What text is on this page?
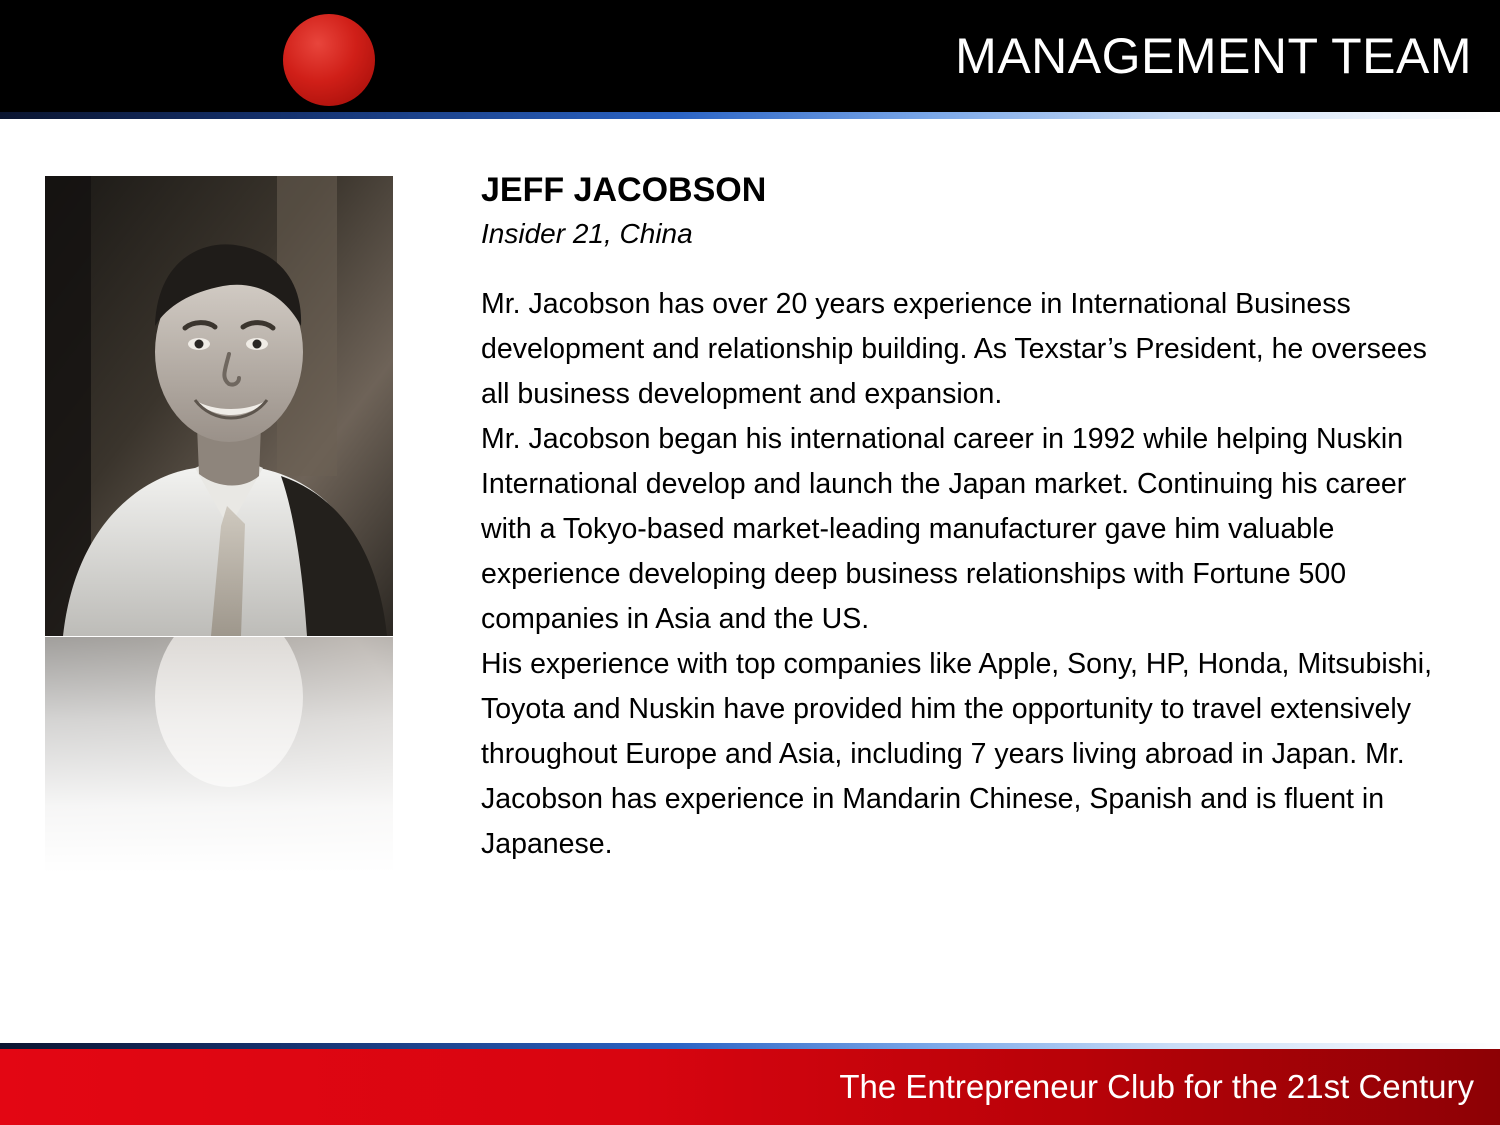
MANAGEMENT TEAM
JEFF JACOBSON
Insider 21, China

Mr. Jacobson has over 20 years experience in International Business development and relationship building. As Texstar’s President, he oversees all business development and expansion.

Mr. Jacobson began his international career in 1992 while helping Nuskin International develop and launch the Japan market. Continuing his career with a Tokyo-based market-leading manufacturer gave him valuable experience developing deep business relationships with Fortune 500 companies in Asia and the US.

His experience with top companies like Apple, Sony, HP, Honda, Mitsubishi, Toyota and Nuskin have provided him the opportunity to travel extensively throughout Europe and Asia, including 7 years living abroad in Japan. Mr. Jacobson has experience in Mandarin Chinese, Spanish and is fluent in Japanese.

The Entrepreneur Club for the 21st Century
